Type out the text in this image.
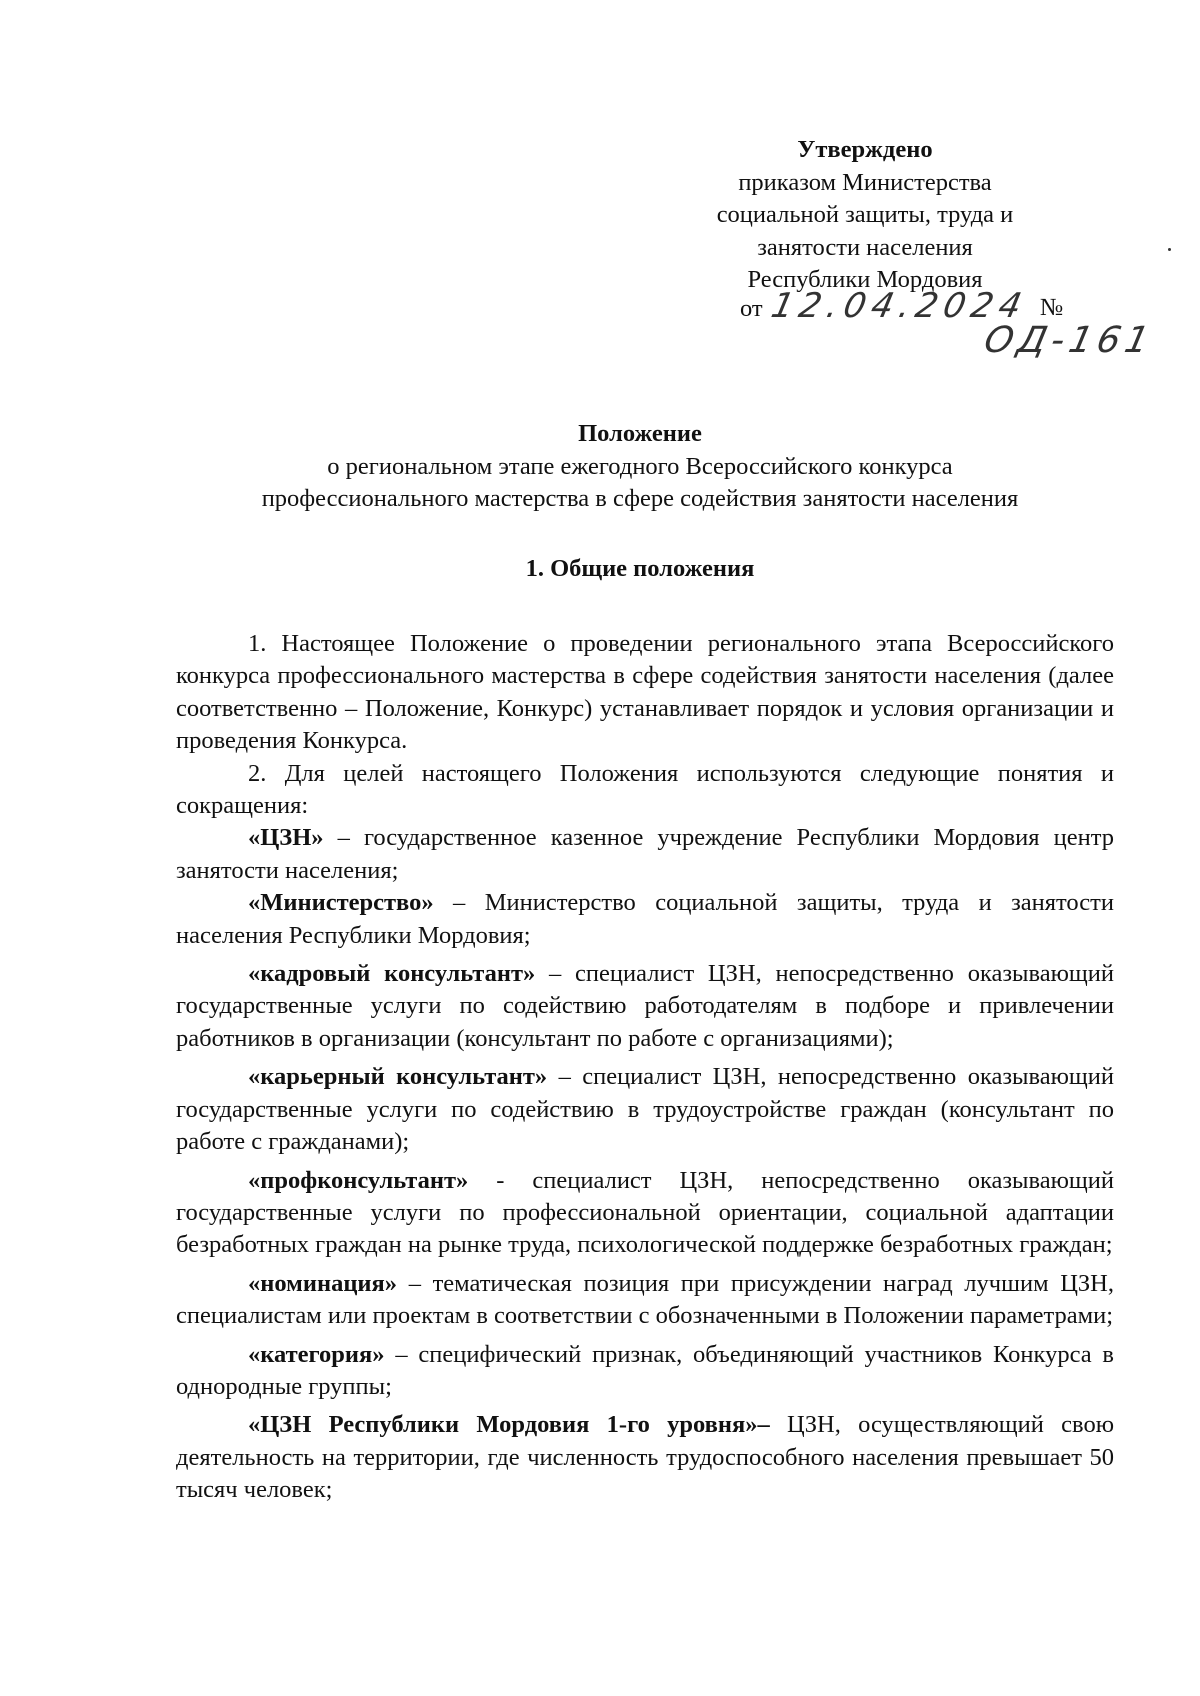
Утверждено
приказом Министерства
социальной защиты, труда и
занятости населения
Республики Мордовия
от 12.04.2024 №
ОД-161
Положение
о региональном этапе ежегодного Всероссийского конкурса
профессионального мастерства в сфере содействия занятости населения
1. Общие положения

1. Настоящее Положение о проведении регионального этапа Всероссийского конкурса профессионального мастерства в сфере содействия занятости населения (далее соответственно – Положение, Конкурс) устанавливает порядок и условия организации и проведения Конкурса.

2. Для целей настоящего Положения используются следующие понятия и сокращения:

«ЦЗН» – государственное казенное учреждение Республики Мордовия центр занятости населения;

«Министерство» – Министерство социальной защиты, труда и занятости населения Республики Мордовия;

«кадровый консультант» – специалист ЦЗН, непосредственно оказывающий государственные услуги по содействию работодателям в подборе и привлечении работников в организации (консультант по работе с организациями);

«карьерный консультант» – специалист ЦЗН, непосредственно оказывающий государственные услуги по содействию в трудоустройстве граждан (консультант по работе с гражданами);

«профконсультант» - специалист ЦЗН, непосредственно оказывающий государственные услуги по профессиональной ориентации, социальной адаптации безработных граждан на рынке труда, психологической поддержке безработных граждан;

«номинация» – тематическая позиция при присуждении наград лучшим ЦЗН, специалистам или проектам в соответствии с обозначенными в Положении параметрами;

«категория» – специфический признак, объединяющий участников Конкурса в однородные группы;

«ЦЗН Республики Мордовия 1-го уровня»– ЦЗН, осуществляющий свою деятельность на территории, где численность трудоспособного населения превышает 50 тысяч человек;
